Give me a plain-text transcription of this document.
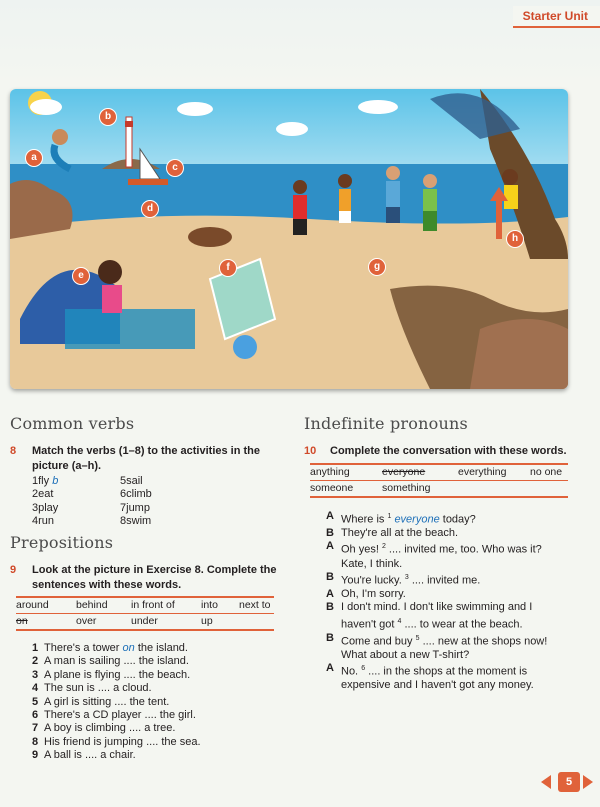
Starter Unit
a
b
c
d
e
f	g
h
Common verbs
8 Match the verbs (1–8) to the activities in the picture (a–h).
1fly b	5sail
2eat	6climb
3play	7jump
4run	8swim
Prepositions
9 Look at the picture in Exercise 8. Complete the sentences with these words.
around	behind	in front of	into	next to
on	over	under	up
1 There's a tower on the island.
2 A man is sailing .... the island.
3 A plane is flying .... the beach.
4 The sun is .... a cloud.
5 A girl is sitting .... the tent.
6 There's a CD player .... the girl.
7 A boy is climbing .... a tree.
8 His friend is jumping .... the sea.
9 A ball is .... a chair.
Indefinite pronouns
10 Complete the conversation with these words.
anything	everyone	everything	no one
someone	something
A Where is $^1$ everyone today?
B They're all at the beach.
A Oh yes! $^2$ .... invited me, too. Who was it? Kate, I think.
B You're lucky. $^3$ .... invited me.
A Oh, I'm sorry.
B I don't mind. I don't like swimming and I haven't got $^4$ .... to wear at the beach.
B Come and buy $^5$ .... new at the shops now! What about a new T-shirt?
A No. $^6$ .... in the shops at the moment is expensive and I haven't got any money.
5
